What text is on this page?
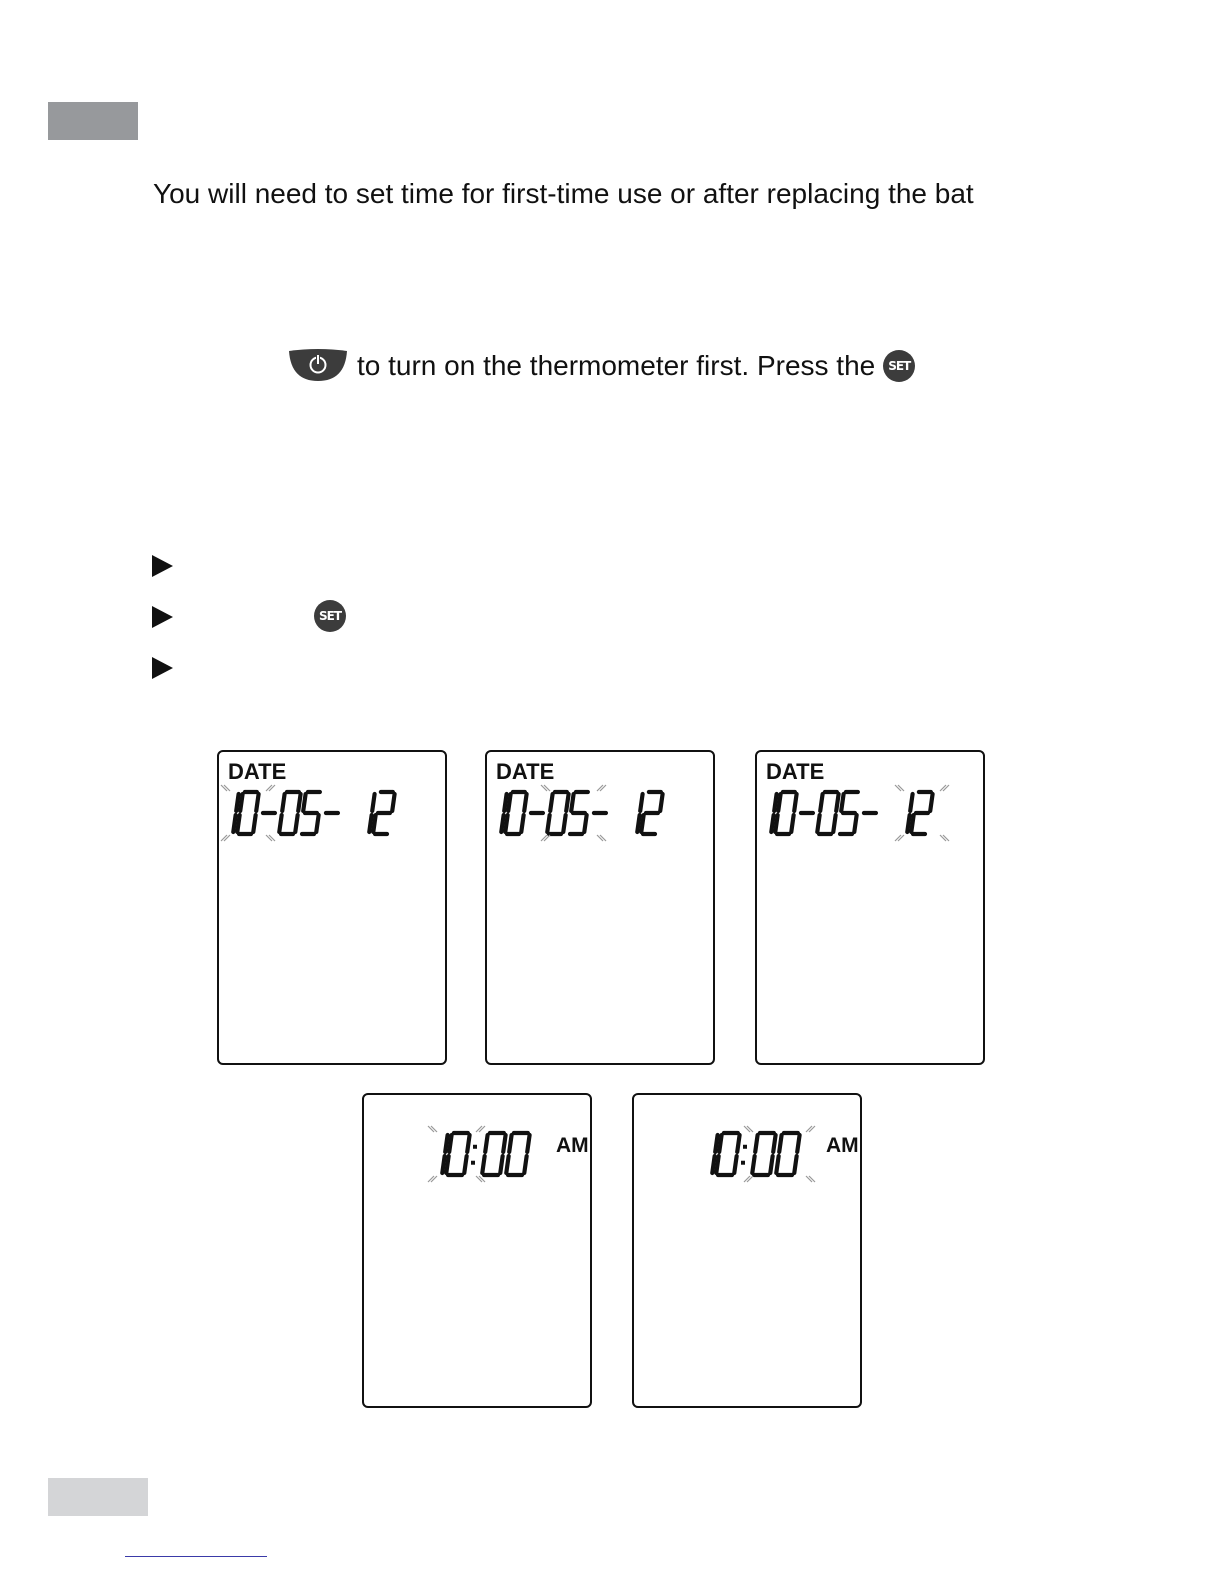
You will need to set time for first-time use or after replacing the bat
to turn on the thermometer first. Press the	SET
SET
DATE	DATE	DATE
AM	AM
